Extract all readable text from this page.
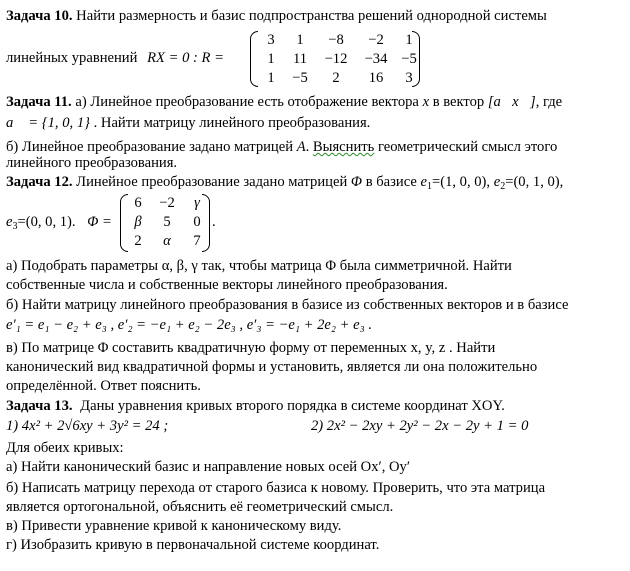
Задача 10. Найти размерность и базис подпространства решений однородной системы
линейных уравнений RX = 0 : R =
3	1	−8	−2	1
1	11	−12	−34 −5
1	−5	2	16	3
Задача 11. а) Линейное преобразование есть отображение вектора x в вектор [a⃗x⃗], где
a⃗ = {1, 0, 1} . Найти матрицу линейного преобразования.
б) Линейное преобразование задано матрицей A. Выяснить геометрический смысл этого
линейного преобразования.
Задача 12. Линейное преобразование задано матрицей Φ в базисе $e_1=(1$, 0, 0), $e_2=(0$, 1, 0),
$e_3=(0$, 0, 1). Φ =
6	−2	γ
β	5	0
2	α	7
.
а) Подобрать параметры α, β, γ так, чтобы матрица Φ была симметричной. Найти
собственные числа и собственные векторы линейного преобразования.
б) Найти матрицу линейного преобразования в базисе из собственных векторов и в базисе
e′₁ = e₁ − e₂ + e₃ , e′₂ = −e₁ + e₂ − 2e₃ , e′₃ = −e₁ + 2e₂ + e₃ .
в) По матрице Φ составить квадратичную форму от переменных x, y, z . Найти
канонический вид квадратичной формы и установить, является ли она положительно
определённой. Ответ пояснить.
Задача 13. Даны уравнения кривых второго порядка в системе координат XOY.
1) 4x² + 2√6xy + 3y² = 24 ;	2) 2x² − 2xy + 2y² − 2x − 2y + 1 = 0
Для обеих кривых:
а) Найти канонический базис и направление новых осей Ox′, Oy′
б) Написать матрицу перехода от старого базиса к новому. Проверить, что эта матрица
является ортогональной, объяснить её геометрический смысл.
в) Привести уравнение кривой к каноническому виду.
г) Изобразить кривую в первоначальной системе координат.
